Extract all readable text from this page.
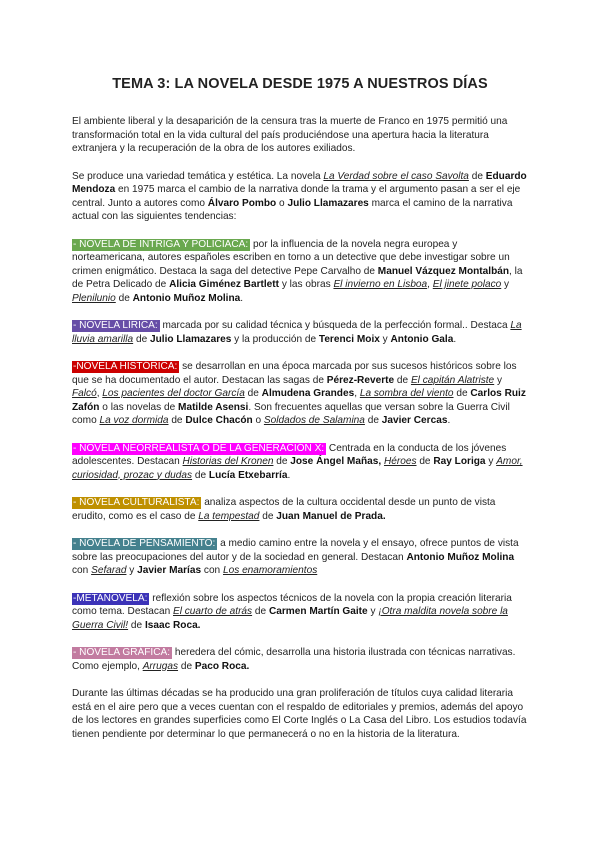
TEMA 3: LA NOVELA DESDE 1975 A NUESTROS DÍAS

El ambiente liberal y la desaparición de la censura tras la muerte de Franco en 1975 permitió una transformación total en la vida cultural del país produciéndose una apertura hacia la literatura extranjera y la recuperación de la obra de los autores exiliados.

Se produce una variedad temática y estética. La novela La Verdad sobre el caso Savolta de Eduardo Mendoza en 1975 marca el cambio de la narrativa donde la trama y el argumento pasan a ser el eje central. Junto a autores como Álvaro Pombo o Julio Llamazares marca el camino de la narrativa actual con las siguientes tendencias:

- NOVELA DE INTRIGA Y POLICIACA: por la influencia de la novela negra europea y norteamericana, autores españoles escriben en torno a un detective que debe investigar sobre un crimen enigmático. Destaca la saga del detective Pepe Carvalho de Manuel Vázquez Montalbán, la de Petra Delicado de Alicia Giménez Bartlett y las obras El invierno en Lisboa, El jinete polaco y Plenilunio de Antonio Muñoz Molina.

- NOVELA LÍRICA: marcada por su calidad técnica y búsqueda de la perfección formal.. Destaca La lluvia amarilla de Julio Llamazares y la producción de Terenci Moix y Antonio Gala.

-NOVELA HISTÓRICA: se desarrollan en una época marcada por sus sucesos históricos sobre los que se ha documentado el autor. Destacan las sagas de Pérez-Reverte de El capitán Alatriste y Falcó, Los pacientes del doctor García de Almudena Grandes, La sombra del viento de Carlos Ruiz Zafón o las novelas de Matilde Asensi. Son frecuentes aquellas que versan sobre la Guerra Civil como La voz dormida de Dulce Chacón o Soldados de Salamina de Javier Cercas.

- NOVELA NEORREALISTA O DE LA GENERACIÓN X: Centrada en la conducta de los jóvenes adolescentes. Destacan Historias del Kronen de Jose Ángel Mañas, Héroes de Ray Loriga y Amor, curiosidad, prozac y dudas de Lucía Etxebarría.

- NOVELA CULTURALISTA: analiza aspectos de la cultura occidental desde un punto de vista erudito, como es el caso de La tempestad de Juan Manuel de Prada.

- NOVELA DE PENSAMIENTO: a medio camino entre la novela y el ensayo, ofrece puntos de vista sobre las preocupaciones del autor y de la sociedad en general. Destacan Antonio Muñoz Molina con Sefarad y Javier Marías con Los enamoramientos

-METANOVELA: reflexión sobre los aspectos técnicos de la novela con la propia creación literaria como tema. Destacan El cuarto de atrás de Carmen Martín Gaite y ¡Otra maldita novela sobre la Guerra Civil! de Isaac Roca.

- NOVELA GRÁFICA: heredera del cómic, desarrolla una historia ilustrada con técnicas narrativas. Como ejemplo, Arrugas de Paco Roca.

Durante las últimas décadas se ha producido una gran proliferación de títulos cuya calidad literaria está en el aire pero que a veces cuentan con el respaldo de editoriales y premios, además del apoyo de los lectores en grandes superficies como El Corte Inglés o La Casa del Libro. Los estudios todavía tienen pendiente por determinar lo que permanecerá o no en la historia de la literatura.
